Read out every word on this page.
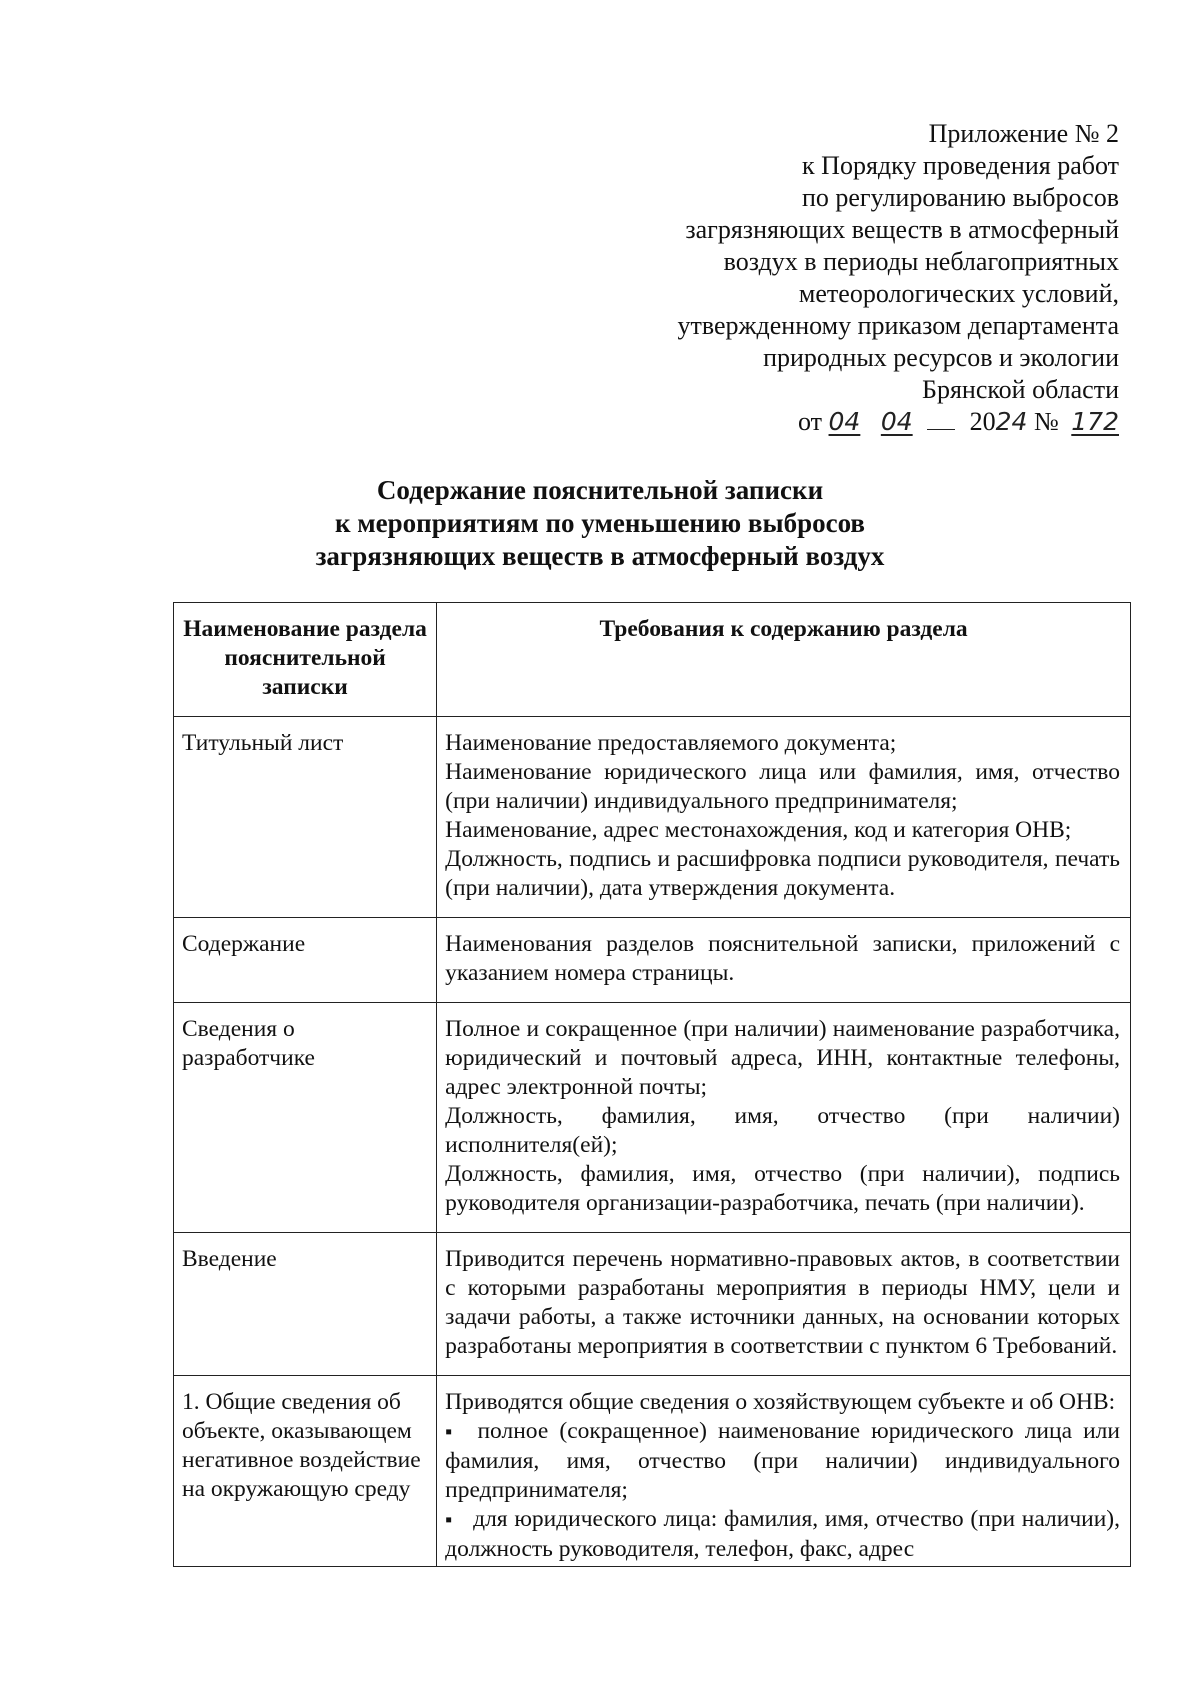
Приложение № 2
к Порядку проведения работ
по регулированию выбросов
загрязняющих веществ в атмосферный
воздух в периоды неблагоприятных
метеорологических условий,
утвержденному приказом департамента
природных ресурсов и экологии
Брянской области
от 04 04 2024 № 172
Содержание пояснительной записки
к мероприятиям по уменьшению выбросов
загрязняющих веществ в атмосферный воздух
Наименование раздела пояснительной записки	Требования к содержанию раздела
Титульный лист	Наименование предоставляемого документа;
Наименование юридического лица или фамилия, имя, отчество (при наличии) индивидуального предпринимателя;
Наименование, адрес местонахождения, код и категория ОНВ;
Должность, подпись и расшифровка подписи руководителя, печать (при наличии), дата утверждения документа.

Содержание	Наименования разделов пояснительной записки, приложений с указанием номера страницы.

Сведения о разработчике	Полное и сокращенное (при наличии) наименование разработчика, юридический и почтовый адреса, ИНН, контактные телефоны, адрес электронной почты;
Должность, фамилия, имя, отчество (при наличии) исполнителя(ей);
Должность, фамилия, имя, отчество (при наличии), подпись руководителя организации-разработчика, печать (при наличии).

Введение	Приводится перечень нормативно-правовых актов, в соответствии с которыми разработаны мероприятия в периоды НМУ, цели и задачи работы, а также источники данных, на основании которых разработаны мероприятия в соответствии с пунктом 6 Требований.

1. Общие сведения об объекте, оказывающем негативное воздействие на окружающую среду	Приводятся общие сведения о хозяйствующем субъекте и об ОНВ:
▪ полное (сокращенное) наименование юридического лица или фамилия, имя, отчество (при наличии) индивидуального предпринимателя;
▪ для юридического лица: фамилия, имя, отчество (при наличии), должность руководителя, телефон, факс, адрес
